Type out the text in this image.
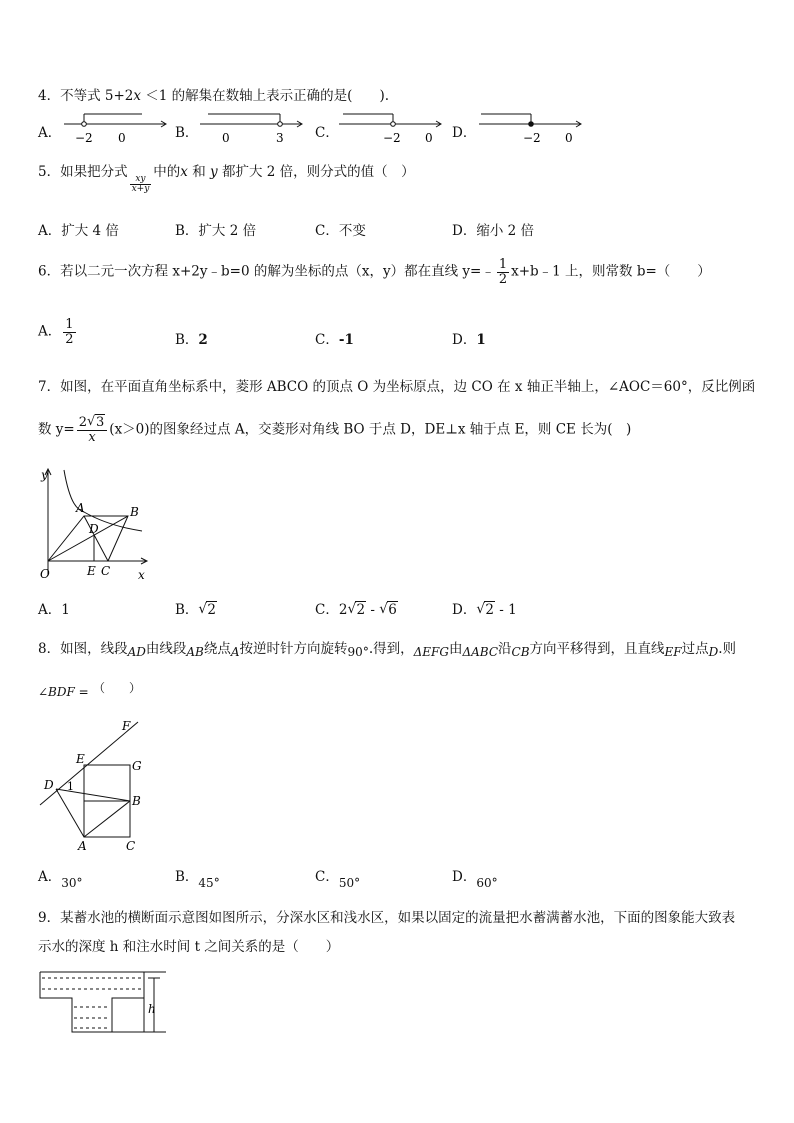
4．不等式 5+2x ＜1 的解集在数轴上表示正确的是(　　).
A． −2 0	B． 0	3 C．	−2 0 D．	−2 0
5．如果把分式
$\frac{xy}{x+y}$
中的x 和 y 都扩大 2 倍，则分式的值（　）
A．扩大 4 倍	B．扩大 2 倍	C．不变	D．缩小 2 倍
6．若以二元一次方程 x+2y﹣b=0 的解为坐标的点（x，y）都在直线 y=﹣ $\frac{1}{2}$ x+b﹣1 上，则常数 b=（　　）
A． $\frac{1}{2}$	B．2	C．-1	D．1
7．如图，在平面直角坐标系中，菱形 ABCO 的顶点 O 为坐标原点，边 CO 在 x 轴正半轴上，∠AOC＝60°，反比例函
数 $y= \frac{2 √ 3}{x} (x>0)$的图象经过点 A，交菱形对角线 BO 于点 D，DE⊥x 轴于点 E，则 CE 长为(　)
y
A	B
D
O	E C x
A．1	B． √ 2	C．2 √ 2 - √ 6	D． √ 2 - 1
8．如图，线段AD由线段AB绕点A按逆时针方向旋转90°.得到，ΔEFG由ΔABC沿CB方向平移得到，且直线EF过点D.则
∠BDF = （　　）
F
E	G
D 1
B
A	C
A．30°	B．45°	C．50°	D．60°
9．某蓄水池的横断面示意图如图所示，分深水区和浅水区，如果以固定的流量把水蓄满蓄水池，下面的图象能大致表
示水的深度 h 和注水时间 t 之间关系的是（　　）
h
